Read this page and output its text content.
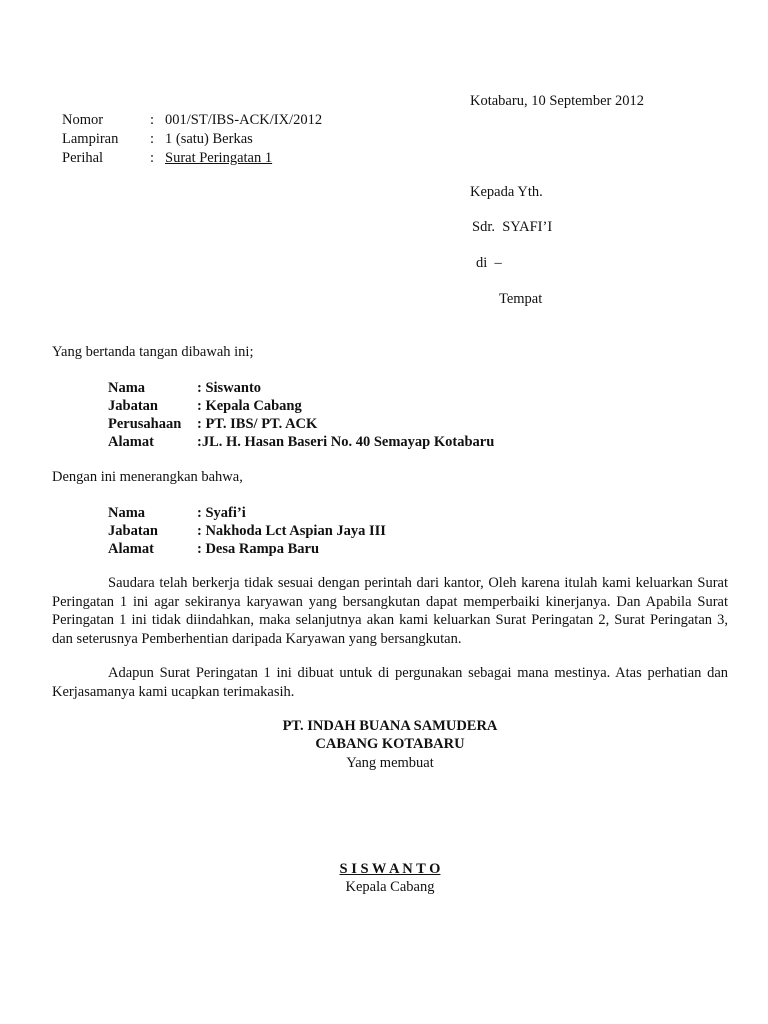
Kotabaru, 10 September 2012
Nomor	: 001/ST/IBS-ACK/IX/2012
Lampiran : 1 (satu) Berkas
Perihal	: Surat Peringatan 1
Kepada Yth.
Sdr.  SYAFI’I
di  –
Tempat
Yang bertanda tangan dibawah ini;
Nama	: Siswanto
Jabatan	: Kepala Cabang
Perusahaan : PT. IBS/ PT. ACK
Alamat	:JL. H. Hasan Baseri No. 40 Semayap Kotabaru
Dengan ini menerangkan bahwa,
Nama	: Syafi’i
Jabatan	: Nakhoda Lct Aspian Jaya III
Alamat	: Desa Rampa Baru
Saudara telah berkerja tidak sesuai dengan perintah dari kantor, Oleh karena itulah kami keluarkan Surat Peringatan 1 ini agar sekiranya karyawan yang bersangkutan dapat memperbaiki kinerjanya. Dan Apabila Surat Peringatan 1 ini tidak diindahkan, maka selanjutnya akan kami keluarkan Surat Peringatan 2, Surat Peringatan 3, dan seterusnya Pemberhentian daripada Karyawan yang bersangkutan.
Adapun Surat Peringatan 1 ini dibuat untuk di pergunakan sebagai mana mestinya. Atas perhatian dan Kerjasamanya kami ucapkan terimakasih.
PT. INDAH BUANA SAMUDERA
CABANG KOTABARU
Yang membuat
S I S W A N T O
Kepala Cabang
